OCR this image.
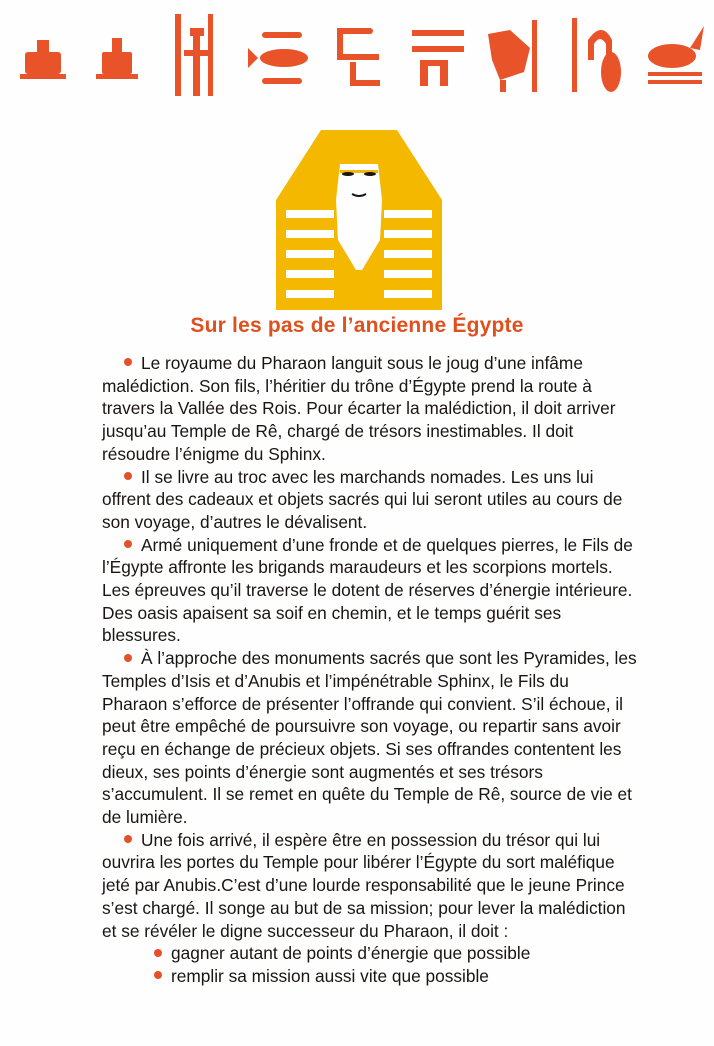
Sur les pas de l’ancienne Égypte

Le royaume du Pharaon languit sous le joug d’une infâme malédiction. Son fils, l’héritier du trône d’Égypte prend la route à travers la Vallée des Rois. Pour écarter la malédiction, il doit arriver jusqu’au Temple de Rê, chargé de trésors inestimables. Il doit résoudre l’énigme du Sphinx.

Il se livre au troc avec les marchands nomades. Les uns lui offrent des cadeaux et objets sacrés qui lui seront utiles au cours de son voyage, d’autres le dévalisent.

Armé uniquement d’une fronde et de quelques pierres, le Fils de l’Égypte affronte les brigands maraudeurs et les scorpions mortels. Les épreuves qu’il traverse le dotent de réserves d’énergie intérieure. Des oasis apaisent sa soif en chemin, et le temps guérit ses blessures.

À l’approche des monuments sacrés que sont les Pyramides, les Temples d’Isis et d’Anubis et l’impénétrable Sphinx, le Fils du Pharaon s’efforce de présenter l’offrande qui convient. S’il échoue, il peut être empêché de poursuivre son voyage, ou repartir sans avoir reçu en échange de précieux objets. Si ses offrandes contentent les dieux, ses points d’énergie sont augmentés et ses trésors s’accumulent. Il se remet en quête du Temple de Rê, source de vie et de lumière.

Une fois arrivé, il espère être en possession du trésor qui lui ouvrira les portes du Temple pour libérer l’Égypte du sort maléfique jeté par Anubis.C’est d’une lourde responsabilité que le jeune Prince s’est chargé. Il songe au but de sa mission; pour lever la malédiction et se révéler le digne successeur du Pharaon, il doit :

gagner autant de points d’énergie que possible
remplir sa mission aussi vite que possible
